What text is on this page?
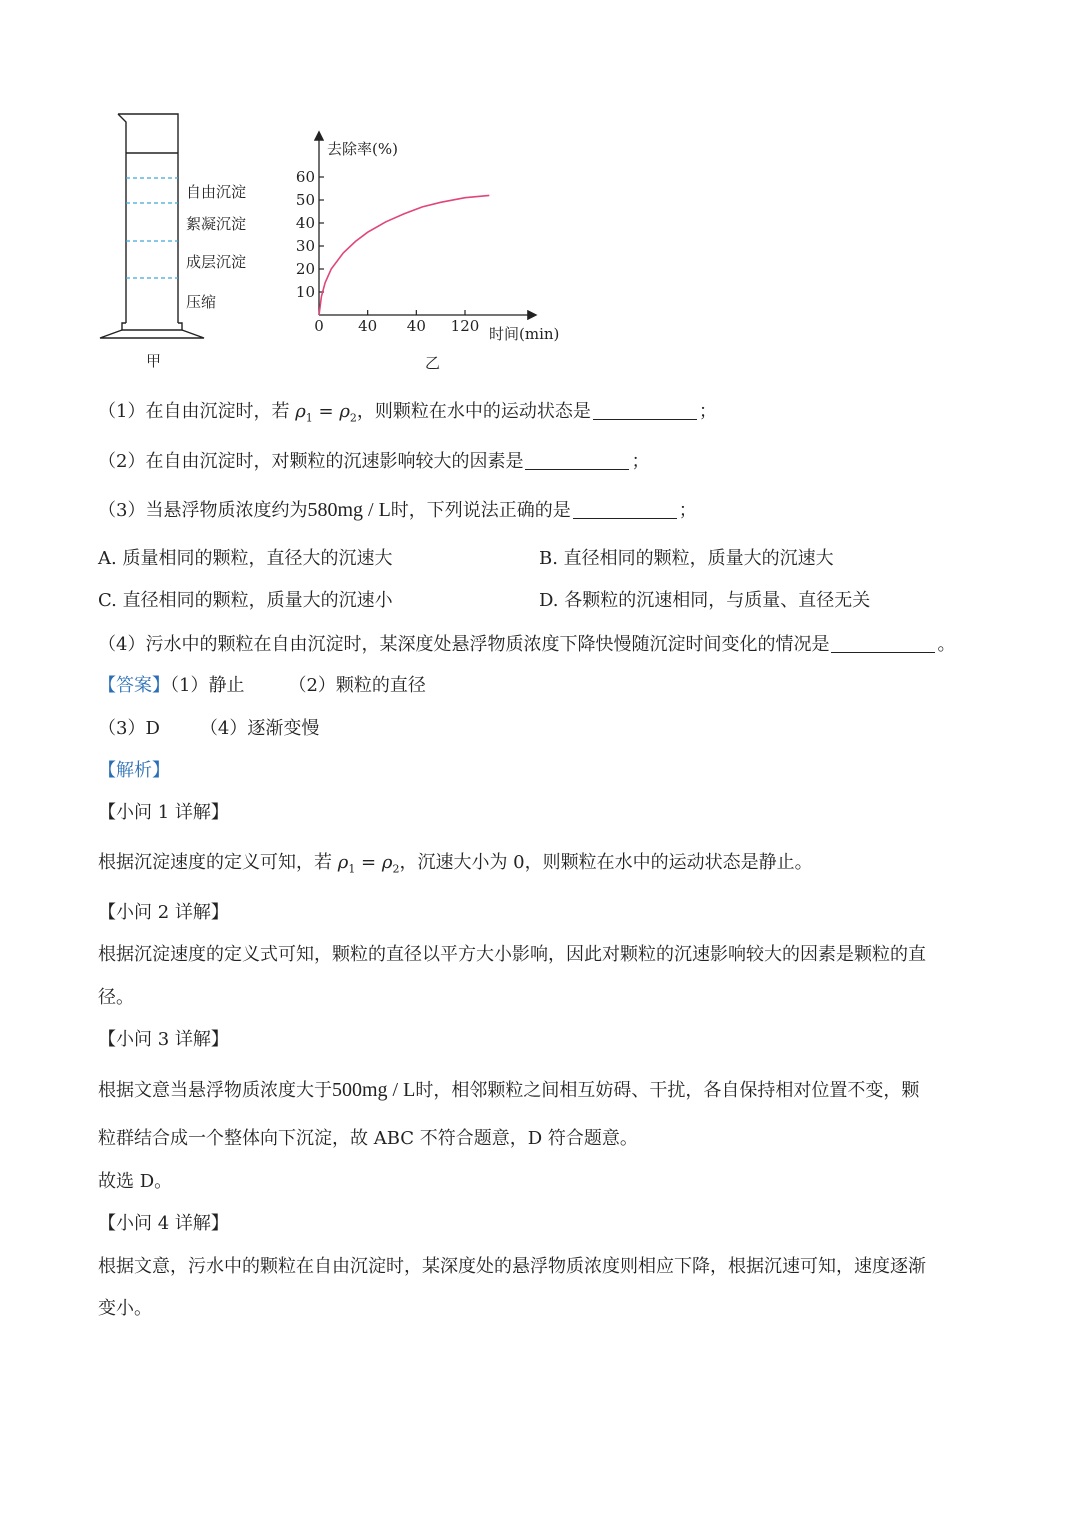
自由沉淀
絮凝沉淀
成层沉淀
压缩
甲
去除率(%)
时间(min)
乙
10
20
30
40
50
60
0 40 40 120
（1）在自由沉淀时，若 $\rho_1 = \rho_2$，则颗粒在水中的运动状态是	；
（2）在自由沉淀时，对颗粒的沉速影响较大的因素是	；
（3）当悬浮物质浓度约为580mg / L时，下列说法正确的是	；
A. 质量相同的颗粒，直径大的沉速大	B. 直径相同的颗粒，质量大的沉速大
C. 直径相同的颗粒，质量大的沉速小	D. 各颗粒的沉速相同，与质量、直径无关
（4）污水中的颗粒在自由沉淀时，某深度处悬浮物质浓度下降快慢随沉淀时间变化的情况是	。
【答案】（1）静止 （2）颗粒的直径
（3）D （4）逐渐变慢
【解析】
【小问 1 详解】
根据沉淀速度的定义可知，若 $\rho_1 = \rho_2$，沉速大小为 0，则颗粒在水中的运动状态是静止。
【小问 2 详解】
根据沉淀速度的定义式可知，颗粒的直径以平方大小影响，因此对颗粒的沉速影响较大的因素是颗粒的直
径。
【小问 3 详解】
根据文意当悬浮物质浓度大于500mg / L时，相邻颗粒之间相互妨碍、干扰，各自保持相对位置不变，颗
粒群结合成一个整体向下沉淀，故 ABC 不符合题意，D 符合题意。
故选 D。
【小问 4 详解】
根据文意，污水中的颗粒在自由沉淀时，某深度处的悬浮物质浓度则相应下降，根据沉速可知，速度逐渐
变小。
